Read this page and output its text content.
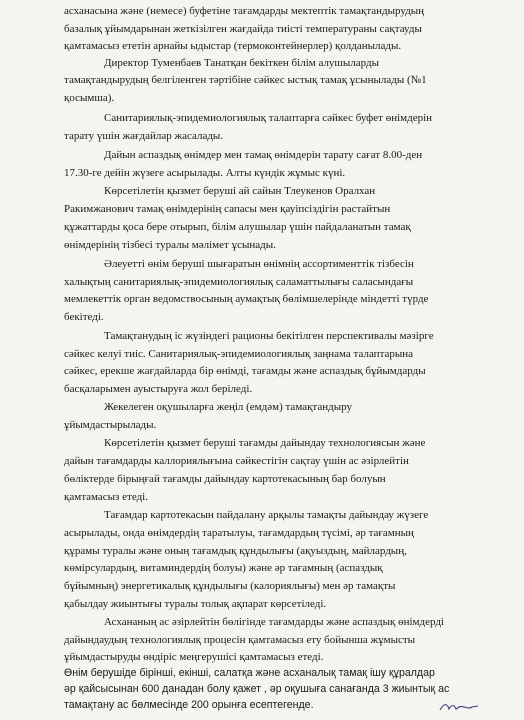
асханасына және (немесе) буфетіне тағамдарды мектептік тамақтандырудың

базалық ұйымдарынан жеткізілген жағдайда тиісті температураны сақтауды

қамтамасыз ететін арнайы ыдыстар (термоконтейнерлер) қолданылады.

Директор Туменбаев Танатқан бекіткен білім алушыларды

тамақтандырудың белгіленген тәртібіне сәйкес ыстық тамақ ұсынылады (№1

қосымша).

Санитариялық-эпидемиологиялық талаптарға сәйкес буфет өнімдерін

тарату үшін жағдайлар жасалады.

Дайын аспаздық өнімдер мен тамақ өнімдерін тарату сағат 8.00-ден

17.30-ге дейін жүзеге асырылады. Алты күндік жұмыс күні.

Көрсетілетін қызмет беруші ай сайын Тлеукенов Оралхан

Ракимжанович тамақ өнімдерінің сапасы мен қауіпсіздігін растайтын

құжаттарды қоса бере отырып, білім алушылар үшін пайдаланатын тамақ

өнімдерінің тізбесі туралы мәлімет ұсынады.

Әлеуетті өнім беруші шығаратын өнімнің ассортименттік тізбесін

халықтың санитариялық-эпидемиологиялық саламаттылығы саласындағы

мемлекеттік орган ведомствосының аумақтық бөлімшелерінде міндетті түрде

бекітеді.

Тамақтанудың іс жүзіндегі рационы бекітілген перспективалы мәзірге

сәйкес келуі тиіс. Санитариялық-эпидемиологиялық заңнама талаптарына

сәйкес, ерекше жағдайларда бір өнімді, тағамды және аспаздық бұйымдарды

басқаларымен ауыстыруға жол беріледі.

Жекелеген оқушыларға жеңіл (емдәм) тамақтандыру

ұйымдастырылады.

Көрсетілетін қызмет беруші тағамды дайындау технологиясын және

дайын тағамдарды каллориялығына сәйкестігін сақтау үшін ас әзірлейтін

бөліктерде бірыңғай тағамды дайындау картотекасының бар болуын

қамтамасыз етеді.

Тағамдар картотекасын пайдалану арқылы тамақты дайындау жүзеге

асырылады, онда өнімдердің таратылуы, тағамдардың түсімі, әр тағамның

құрамы туралы және оның тағамдық құндылығы (ақуыздың, майлардың,

көмірсулардың, витаминдердің болуы) және әр тағамның (аспаздық

бұйымның) энергетикалық құндылығы (калориялығы) мен әр тамақты

қабылдау жиынтығы туралы толық ақпарат көрсетіледі.

Асхананың ас әзірлейтін бөлігінде тағамдарды және аспаздық өнімдерді

дайындаудың технологиялық процесін қамтамасыз ету бойынша жұмысты

ұйымдастыруды өндіріс меңгерушісі қамтамасыз етеді.

Өнім берушіде бірінші, екінші, салатқа және асханалық тамақ ішу құралдар

әр қайсысынан 600 данадан болу қажет , әр оқушыға санағанда 3 жиынтық ас

тамақтану ас бөлмесінде 200 орынға есептегенде.
